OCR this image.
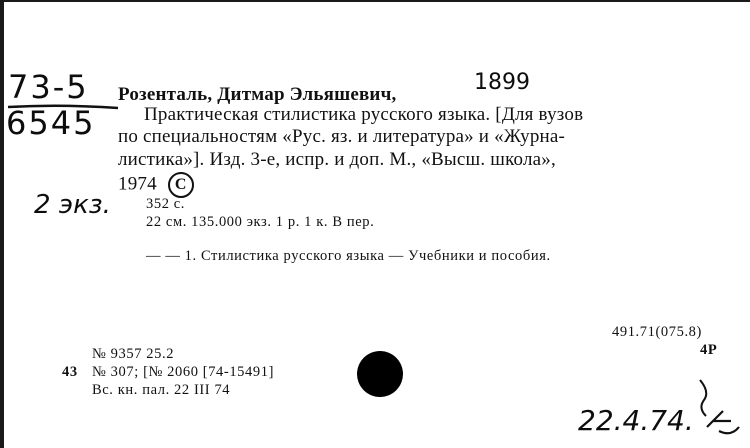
73-5
6545
2 экз.
Розенталь, Дитмар Эльяшевич,	1899
Практическая стилистика русского языка. [Для вузов
по специальностям «Рус. яз. и литература» и «Журна-
листика»]. Изд. 3-е, испр. и доп. М., «Высш. школа»,
1974 C
352 с.
22 см. 135.000 экз. 1 р. 1 к. В пер.
— — 1. Стилистика русского языка — Учебники и пособия.
491.71(075.8)
4Р
№ 9357 25.2
43 № 307; [№ 2060 [74-15491]
Вс. кн. пал. 22 III 74
22.4.74.
